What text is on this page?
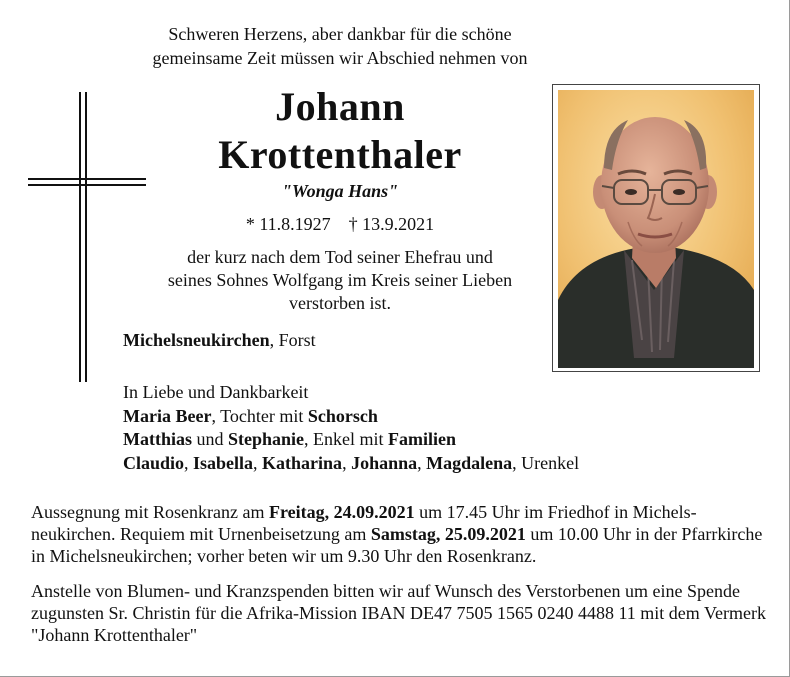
Schweren Herzens, aber dankbar für die schöne
gemeinsame Zeit müssen wir Abschied nehmen von
Johann
Krottenthaler
"Wonga Hans"
* 11.8.1927 † 13.9.2021
der kurz nach dem Tod seiner Ehefrau und
seines Sohnes Wolfgang im Kreis seiner Lieben
verstorben ist.
Michelsneukirchen, Forst
In Liebe und Dankbarkeit
Maria Beer, Tochter mit Schorsch
Matthias und Stephanie, Enkel mit Familien
Claudio, Isabella, Katharina, Johanna, Magdalena, Urenkel
Aussegnung mit Rosenkranz am Freitag, 24.09.2021 um 17.45 Uhr im Friedhof in Michels-neukirchen. Requiem mit Urnenbeisetzung am Samstag, 25.09.2021 um 10.00 Uhr in der Pfarrkirche in Michelsneukirchen; vorher beten wir um 9.30 Uhr den Rosenkranz.
Anstelle von Blumen- und Kranzspenden bitten wir auf Wunsch des Verstorbenen um eine Spende zugunsten Sr. Christin für die Afrika-Mission IBAN DE47 7505 1565 0240 4488 11 mit dem Vermerk "Johann Krottenthaler"
